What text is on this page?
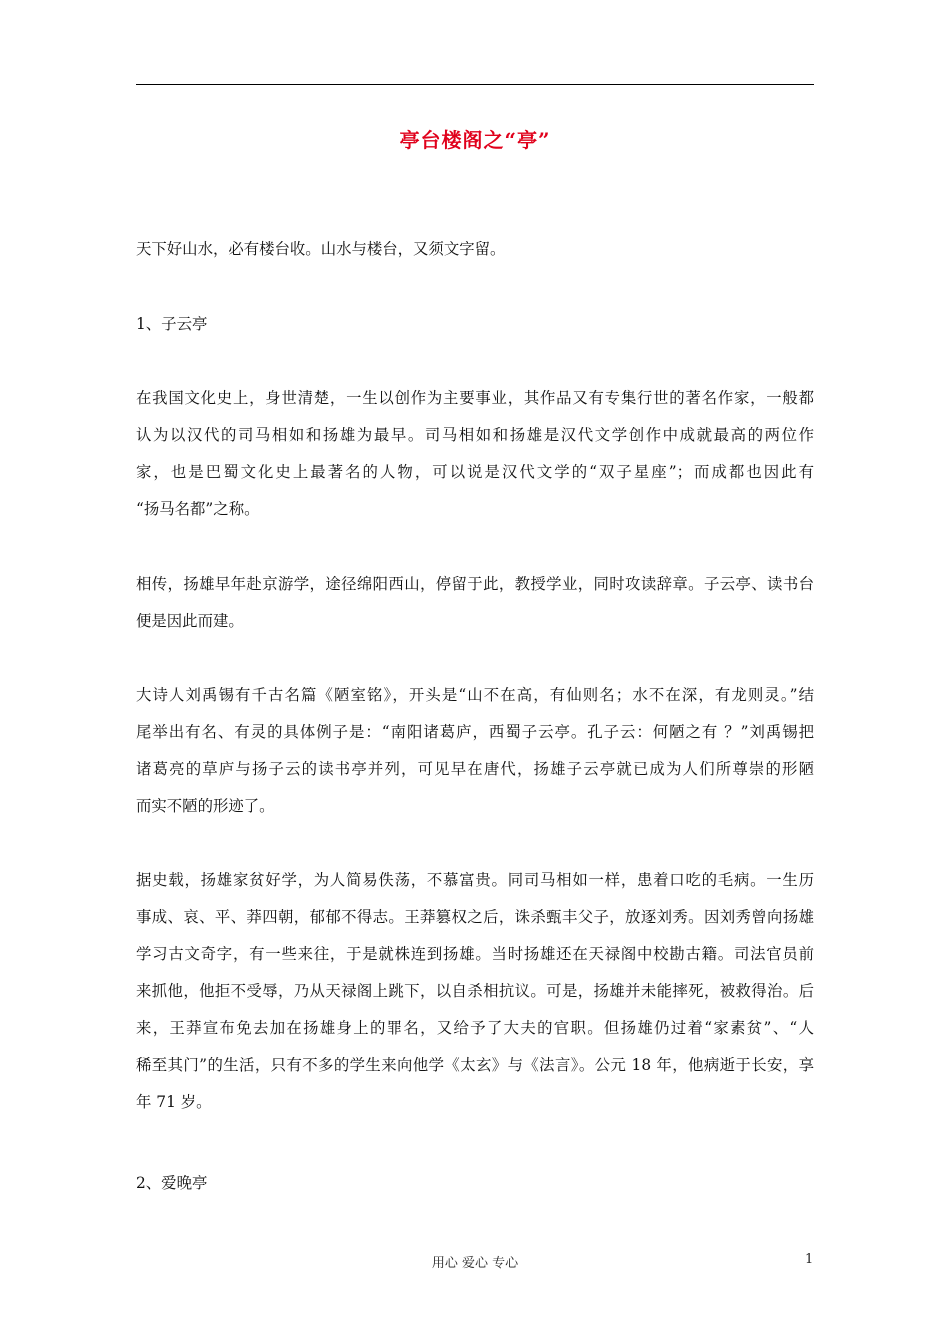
亭台楼阁之“亭”
天下好山水，必有楼台收。山水与楼台，又须文字留。
1、子云亭
在我国文化史上，身世清楚，一生以创作为主要事业，其作品又有专集行世的著名作家，一般都
认为以汉代的司马相如和扬雄为最早。司马相如和扬雄是汉代文学创作中成就最高的两位作
家，也是巴蜀文化史上最著名的人物，可以说是汉代文学的“双子星座”；而成都也因此有
“扬马名都”之称。
相传，扬雄早年赴京游学，途径绵阳西山，停留于此，教授学业，同时攻读辞章。子云亭、读书台
便是因此而建。
大诗人刘禹锡有千古名篇《陋室铭》，开头是“山不在高，有仙则名；水不在深，有龙则灵。”结
尾举出有名、有灵的具体例子是：“南阳诸葛庐，西蜀子云亭。孔子云：何陋之有 ？”刘禹锡把
诸葛亮的草庐与扬子云的读书亭并列，可见早在唐代，扬雄子云亭就已成为人们所尊崇的形陋
而实不陋的形迹了。
据史载，扬雄家贫好学，为人简易佚荡，不慕富贵。同司马相如一样，患着口吃的毛病。一生历
事成、哀、平、莽四朝，郁郁不得志。王莽篡权之后，诛杀甄丰父子，放逐刘秀。因刘秀曾向扬雄
学习古文奇字，有一些来往，于是就株连到扬雄。当时扬雄还在天禄阁中校勘古籍。司法官员前
来抓他，他拒不受辱，乃从天禄阁上跳下，以自杀相抗议。可是，扬雄并未能摔死，被救得治。后
来，王莽宣布免去加在扬雄身上的罪名，又给予了大夫的官职。但扬雄仍过着“家素贫”、“人
稀至其门”的生活，只有不多的学生来向他学《太玄》与《法言》。公元 18 年，他病逝于长安，享
年 71 岁。
2、爱晚亭
用心 爱心 专心	1
